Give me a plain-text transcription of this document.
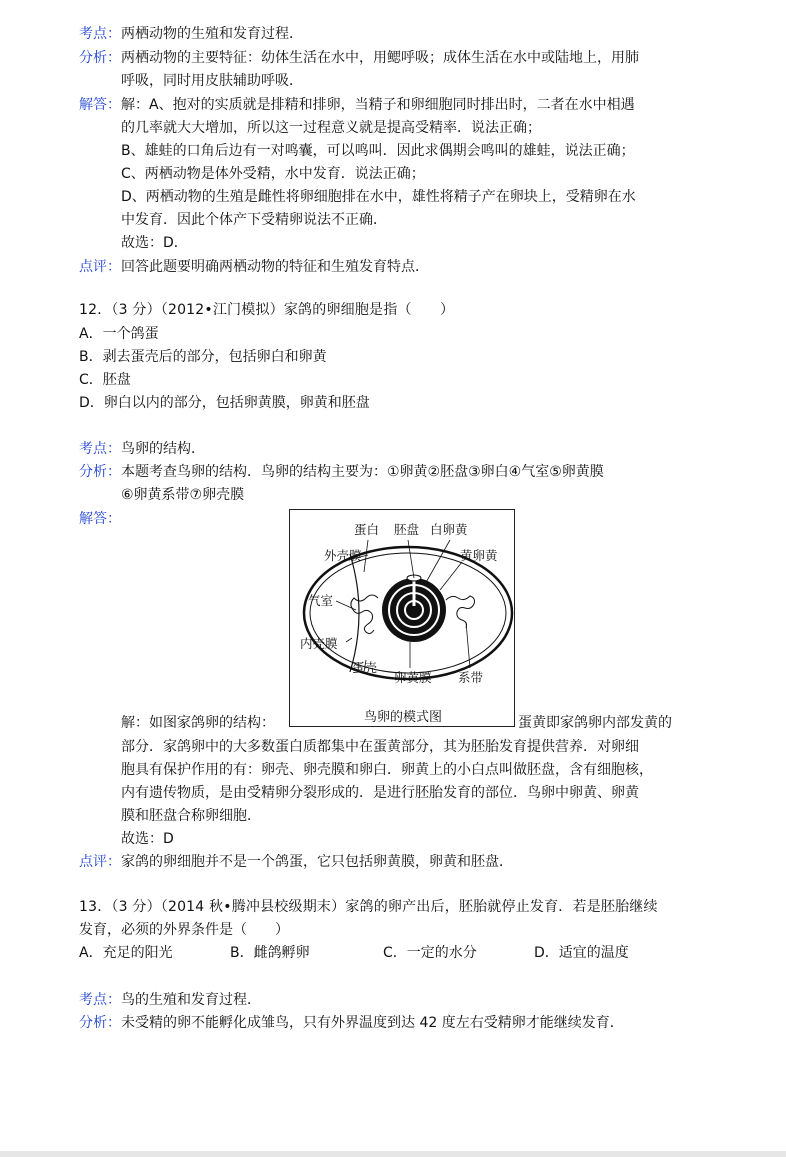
考点：两栖动物的生殖和发育过程．
分析：两栖动物的主要特征：幼体生活在水中，用鳃呼吸；成体生活在水中或陆地上，用肺
呼吸，同时用皮肤辅助呼吸．
解答：解：A、抱对的实质就是排精和排卵，当精子和卵细胞同时排出时，二者在水中相遇
的几率就大大增加，所以这一过程意义就是提高受精率．说法正确；
B、雄蛙的口角后边有一对鸣囊，可以鸣叫．因此求偶期会鸣叫的雄蛙，说法正确；
C、两栖动物是体外受精，水中发育．说法正确；
D、两栖动物的生殖是雌性将卵细胞排在水中，雄性将精子产在卵块上，受精卵在水
中发育．因此个体产下受精卵说法不正确．
故选：D．
点评：回答此题要明确两栖动物的特征和生殖发育特点．
12．（3 分）（2012•江门模拟）家鸽的卵细胞是指（　　）
A．一个鸽蛋
B．剥去蛋壳后的部分，包括卵白和卵黄
C．胚盘
D．卵白以内的部分，包括卵黄膜，卵黄和胚盘
考点：鸟卵的结构．
分析：本题考查鸟卵的结构．鸟卵的结构主要为：①卵黄②胚盘③卵白④气室⑤卵黄膜
⑥卵黄系带⑦卵壳膜
解答：
蛋白 胚盘 白卵黄
外壳膜	黄卵黄
气室
内壳膜
蛋壳
卵黄膜 系带
鸟卵的模式图
解：如图家鸽卵的结构：	蛋黄即家鸽卵内部发黄的
部分．家鸽卵中的大多数蛋白质都集中在蛋黄部分，其为胚胎发育提供营养．对卵细
胞具有保护作用的有：卵壳、卵壳膜和卵白．卵黄上的小白点叫做胚盘，含有细胞核，
内有遗传物质，是由受精卵分裂形成的．是进行胚胎发育的部位．鸟卵中卵黄、卵黄
膜和胚盘合称卵细胞．
故选：D
点评：家鸽的卵细胞并不是一个鸽蛋，它只包括卵黄膜，卵黄和胚盘．
13．（3 分）（2014 秋•腾冲县校级期末）家鸽的卵产出后，胚胎就停止发育．若是胚胎继续
发育，必须的外界条件是（　　）
A．充足的阳光	B．雌鸽孵卵	C．一定的水分	D．适宜的温度
考点：鸟的生殖和发育过程．
分析：未受精的卵不能孵化成雏鸟，只有外界温度到达 42 度左右受精卵才能继续发育．
